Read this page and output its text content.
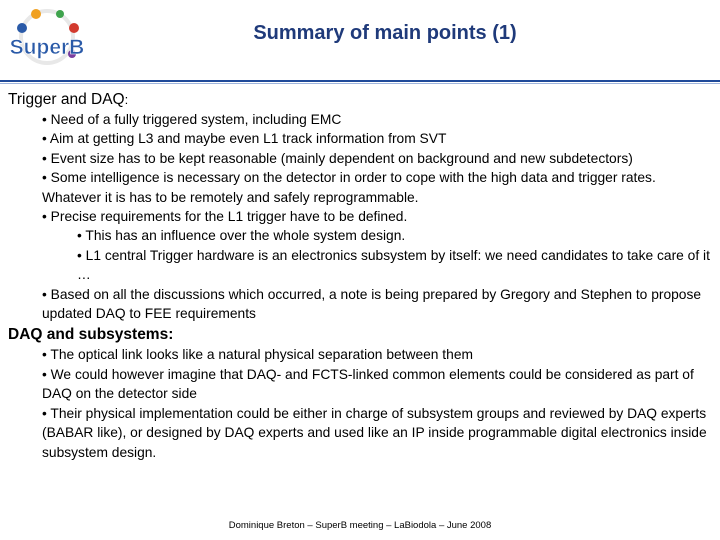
SuperB
Summary of main points (1)

Trigger and DAQ:

• Need of a fully triggered system, including EMC
• Aim at getting L3 and maybe even L1 track information from SVT
• Event size has to be kept reasonable (mainly dependent on background and new subdetectors)
• Some intelligence is necessary on the detector in order to cope with the high data and trigger rates. Whatever it is has to be remotely and safely reprogrammable.
• Precise requirements for the L1 trigger have to be defined.
• This has an influence over the whole system design.
• L1 central Trigger hardware is an electronics subsystem by itself: we need candidates to take care of it …
• Based on all the discussions which occurred, a note is being prepared by Gregory and Stephen to propose updated DAQ to FEE requirements

DAQ and subsystems:

• The optical link looks like a natural physical separation between them
• We could however imagine that DAQ- and FCTS-linked common elements could be considered as part of DAQ on the detector side
• Their physical implementation could be either in charge of subsystem groups and reviewed by DAQ experts (BABAR like), or designed by DAQ experts and used like an IP inside programmable digital electronics inside subsystem design.
Dominique Breton – SuperB meeting – LaBiodola – June 2008
